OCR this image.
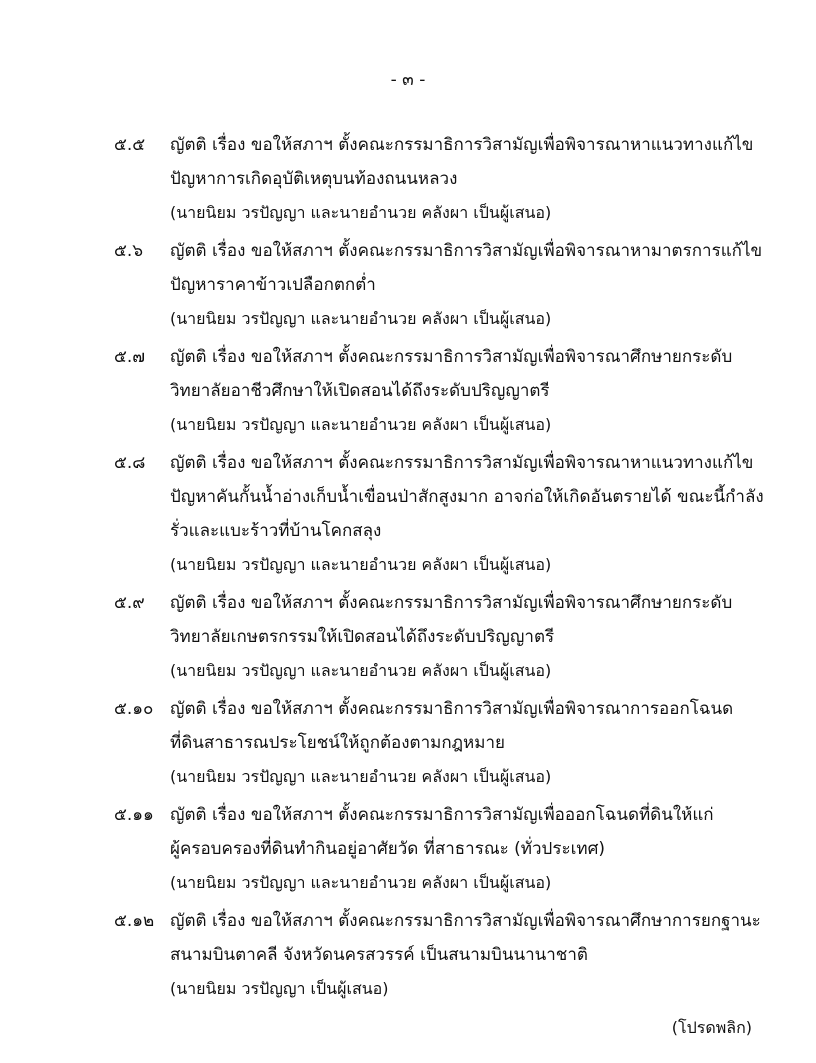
- ๓ -
๕.๕ ญัตติ เรื่อง ขอให้สภาฯ ตั้งคณะกรรมาธิการวิสามัญเพื่อพิจารณาหาแนวทางแก้ไข
ปัญหาการเกิดอุบัติเหตุบนท้องถนนหลวง
(นายนิยม วรปัญญา และนายอำนวย คลังผา เป็นผู้เสนอ)
๕.๖ ญัตติ เรื่อง ขอให้สภาฯ ตั้งคณะกรรมาธิการวิสามัญเพื่อพิจารณาหามาตรการแก้ไข
ปัญหาราคาข้าวเปลือกตกต่ำ
(นายนิยม วรปัญญา และนายอำนวย คลังผา เป็นผู้เสนอ)
๕.๗ ญัตติ เรื่อง ขอให้สภาฯ ตั้งคณะกรรมาธิการวิสามัญเพื่อพิจารณาศึกษายกระดับ
วิทยาลัยอาชีวศึกษาให้เปิดสอนได้ถึงระดับปริญญาตรี
(นายนิยม วรปัญญา และนายอำนวย คลังผา เป็นผู้เสนอ)
๕.๘ ญัตติ เรื่อง ขอให้สภาฯ ตั้งคณะกรรมาธิการวิสามัญเพื่อพิจารณาหาแนวทางแก้ไข
ปัญหาคันกั้นน้ำอ่างเก็บน้ำเขื่อนป่าสักสูงมาก อาจก่อให้เกิดอันตรายได้ ขณะนี้กำลัง
รั่วและแบะร้าวที่บ้านโคกสลุง
(นายนิยม วรปัญญา และนายอำนวย คลังผา เป็นผู้เสนอ)
๕.๙ ญัตติ เรื่อง ขอให้สภาฯ ตั้งคณะกรรมาธิการวิสามัญเพื่อพิจารณาศึกษายกระดับ
วิทยาลัยเกษตรกรรมให้เปิดสอนได้ถึงระดับปริญญาตรี
(นายนิยม วรปัญญา และนายอำนวย คลังผา เป็นผู้เสนอ)
๕.๑๐ ญัตติ เรื่อง ขอให้สภาฯ ตั้งคณะกรรมาธิการวิสามัญเพื่อพิจารณาการออกโฉนด
ที่ดินสาธารณประโยชน์ให้ถูกต้องตามกฎหมาย
(นายนิยม วรปัญญา และนายอำนวย คลังผา เป็นผู้เสนอ)
๕.๑๑ ญัตติ เรื่อง ขอให้สภาฯ ตั้งคณะกรรมาธิการวิสามัญเพื่อออกโฉนดที่ดินให้แก่
ผู้ครอบครองที่ดินทำกินอยู่อาศัยวัด ที่สาธารณะ (ทั่วประเทศ)
(นายนิยม วรปัญญา และนายอำนวย คลังผา เป็นผู้เสนอ)
๕.๑๒ ญัตติ เรื่อง ขอให้สภาฯ ตั้งคณะกรรมาธิการวิสามัญเพื่อพิจารณาศึกษาการยกฐานะ
สนามบินตาคลี จังหวัดนครสวรรค์ เป็นสนามบินนานาชาติ
(นายนิยม วรปัญญา เป็นผู้เสนอ)
(โปรดพลิก)
